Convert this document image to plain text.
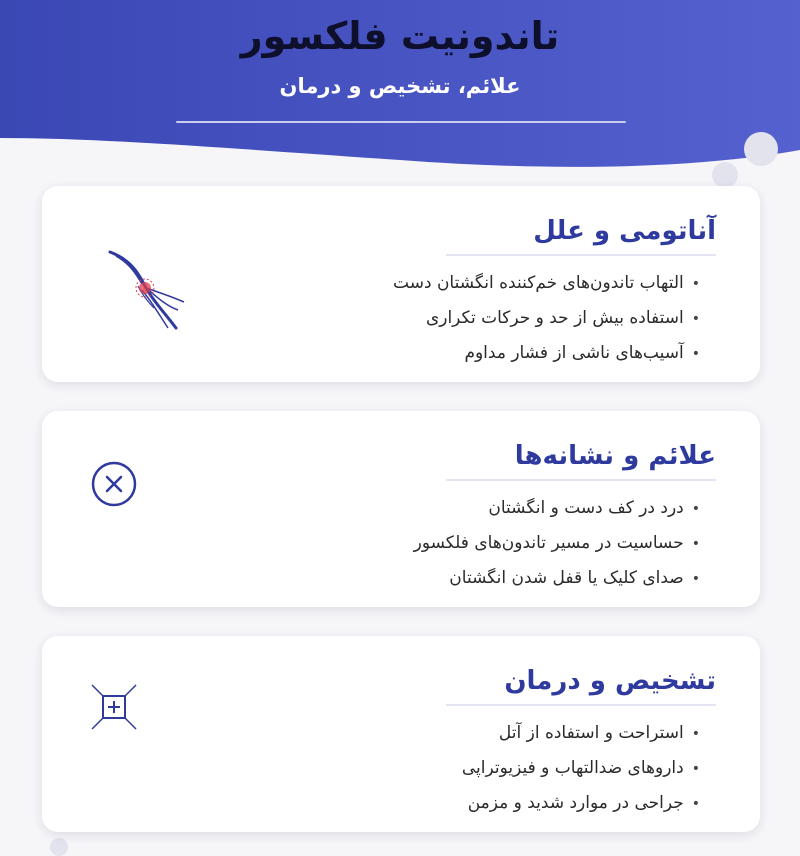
تاندونیت فلکسور
علائم، تشخیص و درمان
آناتومی و علل
•التهاب تاندون‌های خم‌کننده انگشتان دست
•استفاده بیش از حد و حرکات تکراری
•آسیب‌های ناشی از فشار مداوم
علائم و نشانه‌ها
•درد در کف دست و انگشتان
•حساسیت در مسیر تاندون‌های فلکسور
•صدای کلیک یا قفل شدن انگشتان
تشخیص و درمان
•استراحت و استفاده از آتل
•داروهای ضدالتهاب و فیزیوتراپی
•جراحی در موارد شدید و مزمن
